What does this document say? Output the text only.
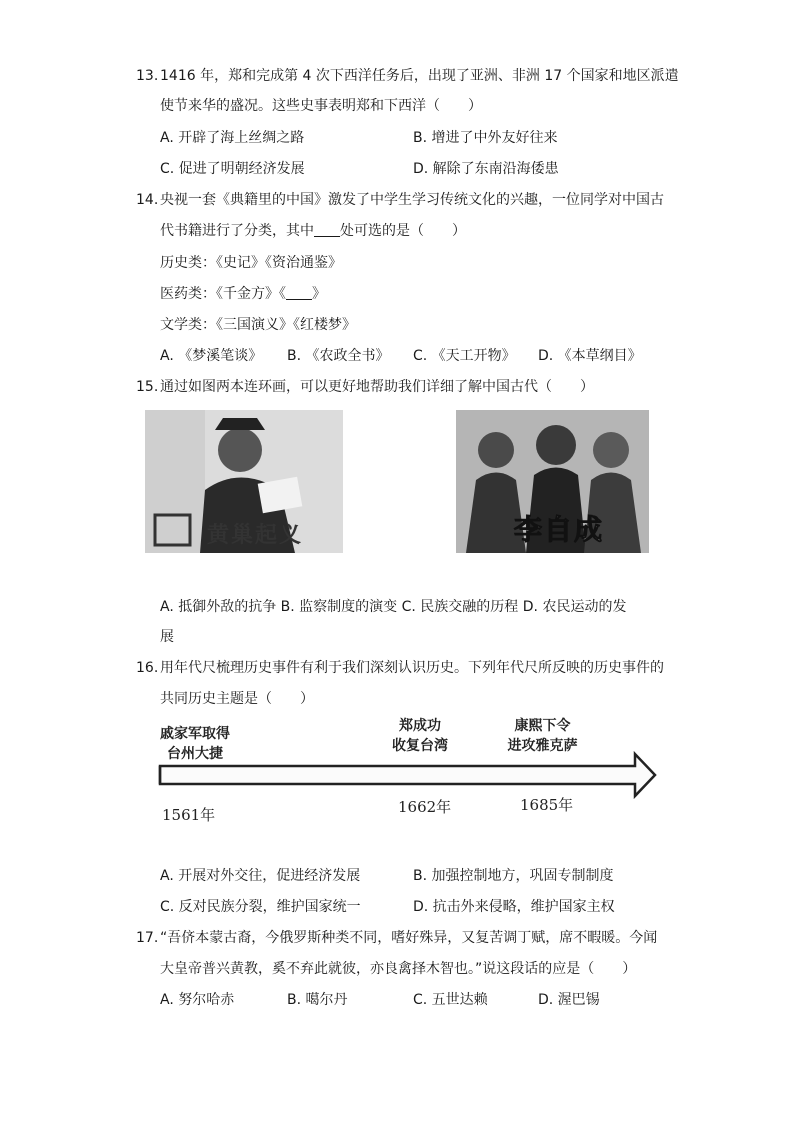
13. 1416 年，郑和完成第 4 次下西洋任务后，出现了亚洲、非洲 17 个国家和地区派遣
使节来华的盛况。这些史事表明郑和下西洋（　　）
A. 开辟了海上丝绸之路	B. 增进了中外友好往来
C. 促进了明朝经济发展	D. 解除了东南沿海倭患
14. 央视一套《典籍里的中国》激发了中学生学习传统文化的兴趣，一位同学对中国古
代书籍进行了分类，其中 处可选的是（　　）
历史类：《史记》《资治通鉴》
医药类：《千金方》《 》
文学类：《三国演义》《红楼梦》
A. 《梦溪笔谈》 B. 《农政全书》 C. 《天工开物》 D. 《本草纲目》
15. 通过如图两本连环画，可以更好地帮助我们详细了解中国古代（　　）
黄巢起义	李自成
A. 抵御外敌的抗争 B. 监察制度的演变 C. 民族交融的历程 D. 农民运动的发
展
16. 用年代尺梳理历史事件有利于我们深刻认识历史。下列年代尺所反映的历史事件的
共同历史主题是（　　）
戚家军取得
台州大捷
1561年
郑成功
收复台湾
1662年
康熙下令
进攻雅克萨
1685年
A. 开展对外交往，促进经济发展	B. 加强控制地方，巩固专制制度
C. 反对民族分裂，维护国家统一	D. 抗击外来侵略，维护国家主权
17. “吾侪本蒙古裔，今俄罗斯种类不同，嗜好殊异，又复苦调丁赋，席不暇暖。今闻
大皇帝普兴黄教，奚不弃此就彼，亦良禽择木智也。”说这段话的应是（　　）
A. 努尔哈赤	B. 噶尔丹	C. 五世达赖	D. 渥巴锡
